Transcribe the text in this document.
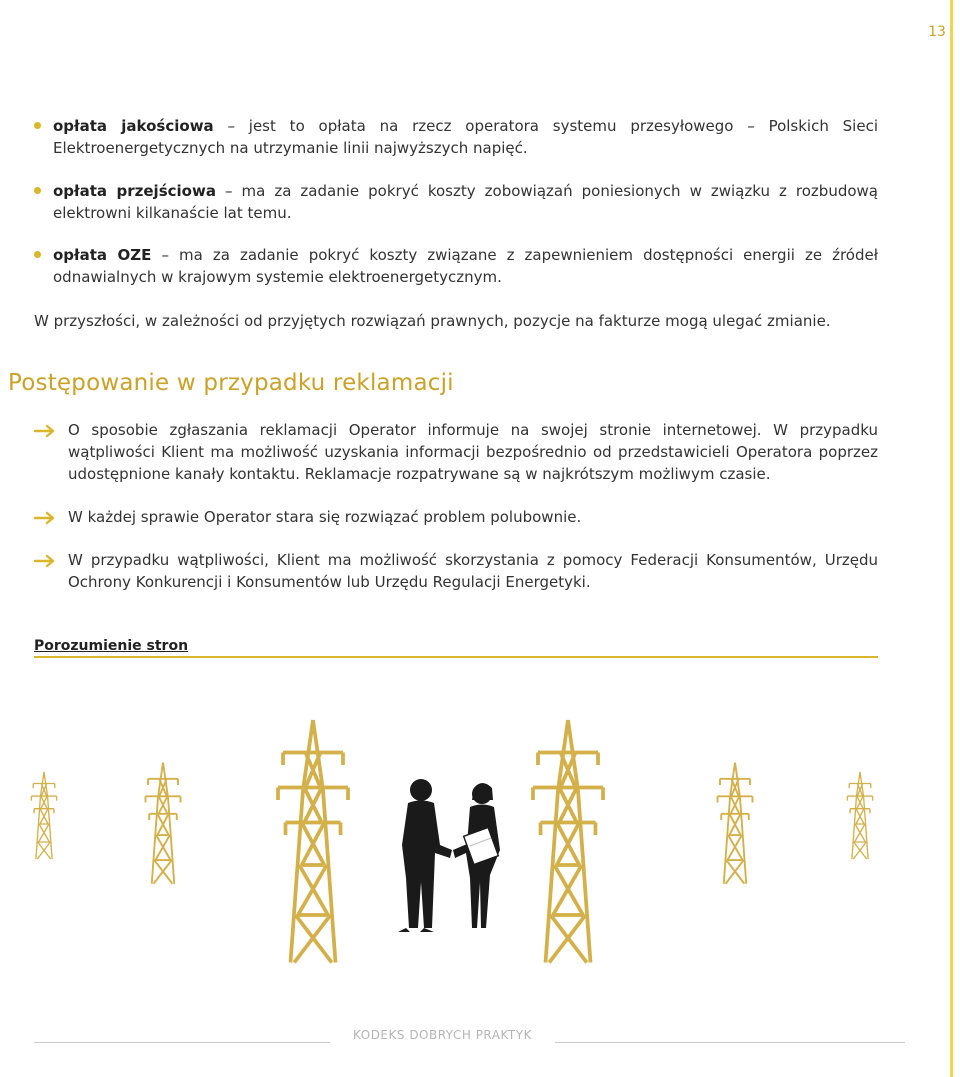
13
opłata jakościowa – jest to opłata na rzecz operatora systemu przesyłowego – Polskich Sieci Elektroenergetycznych na utrzymanie linii najwyższych napięć.
opłata przejściowa – ma za zadanie pokryć koszty zobowiązań poniesionych w związku z rozbudową elektrowni kilkanaście lat temu.
opłata OZE – ma za zadanie pokryć koszty związane z zapewnieniem dostępności energii ze źródeł odnawialnych w krajowym systemie elektroenergetycznym.
W przyszłości, w zależności od przyjętych rozwiązań prawnych, pozycje na fakturze mogą ulegać zmianie.
O sposobie zgłaszania reklamacji Operator informuje na swojej stronie internetowej. W przypadku wątpliwości Klient ma możliwość uzyskania informacji bezpośrednio od przedstawicieli Operatora poprzez udostępnione kanały kontaktu. Reklamacje rozpatrywane są w najkrótszym możliwym czasie.
W każdej sprawie Operator stara się rozwiązać problem polubownie.
W przypadku wątpliwości, Klient ma możliwość skorzystania z pomocy Federacji Konsumentów, Urzędu Ochrony Konkurencji i Konsumentów lub Urzędu Regulacji Energetyki.
Postępowanie w przypadku reklamacji
Porozumienie stron
KODEKS DOBRYCH PRAKTYK
